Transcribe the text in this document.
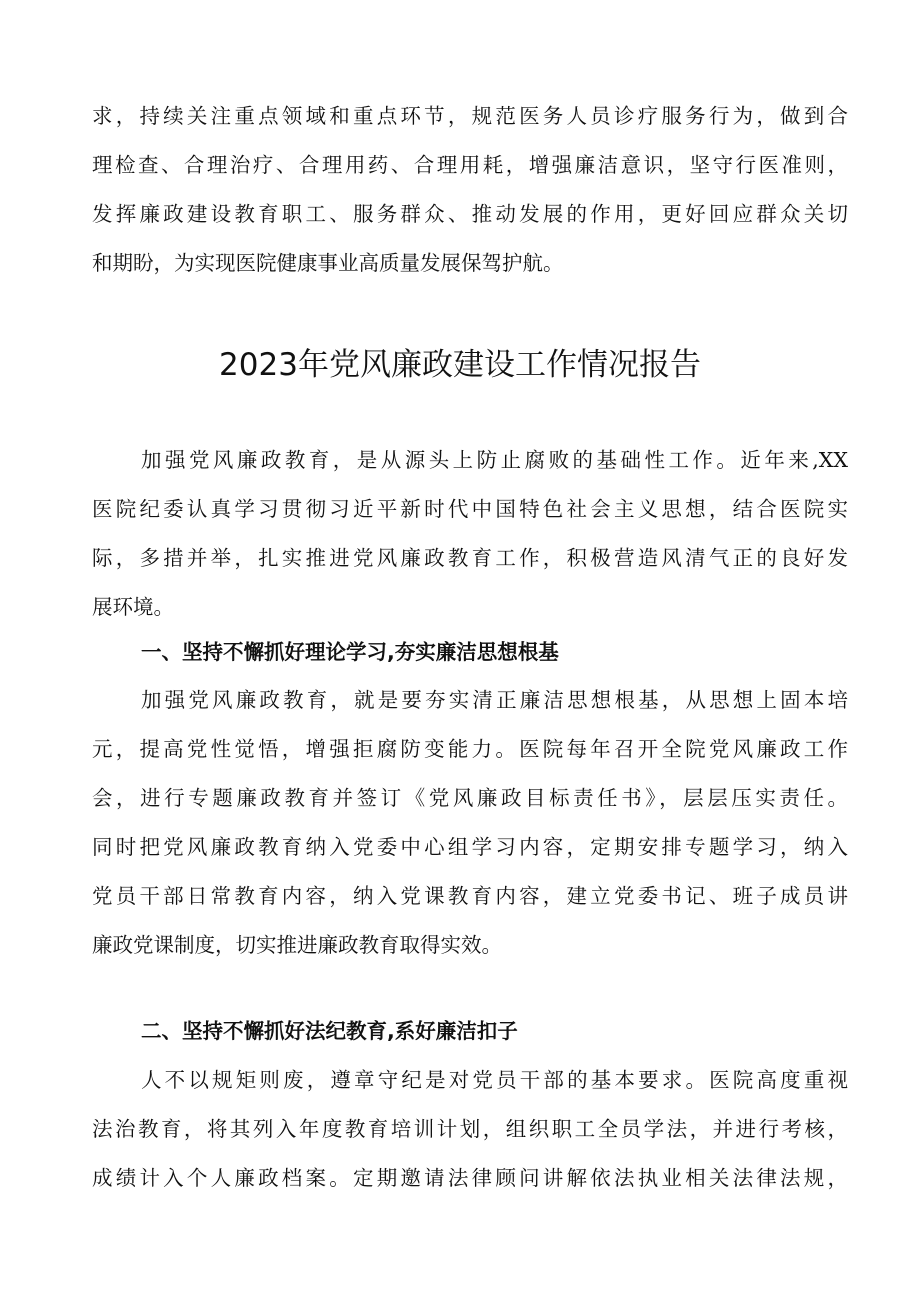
求，持续关注重点领域和重点环节，规范医务人员诊疗服务行为，做到合
理检查、合理治疗、合理用药、合理用耗，增强廉洁意识，坚守行医准则，
发挥廉政建设教育职工、服务群众、推动发展的作用，更好回应群众关切
和期盼，为实现医院健康事业高质量发展保驾护航。
2023年党风廉政建设工作情况报告
加强党风廉政教育，是从源头上防止腐败的基础性工作。近年来,XX
医院纪委认真学习贯彻习近平新时代中国特色社会主义思想，结合医院实
际，多措并举，扎实推进党风廉政教育工作，积极营造风清气正的良好发
展环境。
一、坚持不懈抓好理论学习,夯实廉洁思想根基
加强党风廉政教育，就是要夯实清正廉洁思想根基，从思想上固本培
元，提高党性觉悟，增强拒腐防变能力。医院每年召开全院党风廉政工作
会，进行专题廉政教育并签订《党风廉政目标责任书》，层层压实责任。
同时把党风廉政教育纳入党委中心组学习内容，定期安排专题学习，纳入
党员干部日常教育内容，纳入党课教育内容，建立党委书记、班子成员讲
廉政党课制度，切实推进廉政教育取得实效。
二、坚持不懈抓好法纪教育,系好廉洁扣子
人不以规矩则废，遵章守纪是对党员干部的基本要求。医院高度重视
法治教育，将其列入年度教育培训计划，组织职工全员学法，并进行考核，
成绩计入个人廉政档案。定期邀请法律顾问讲解依法执业相关法律法规，
